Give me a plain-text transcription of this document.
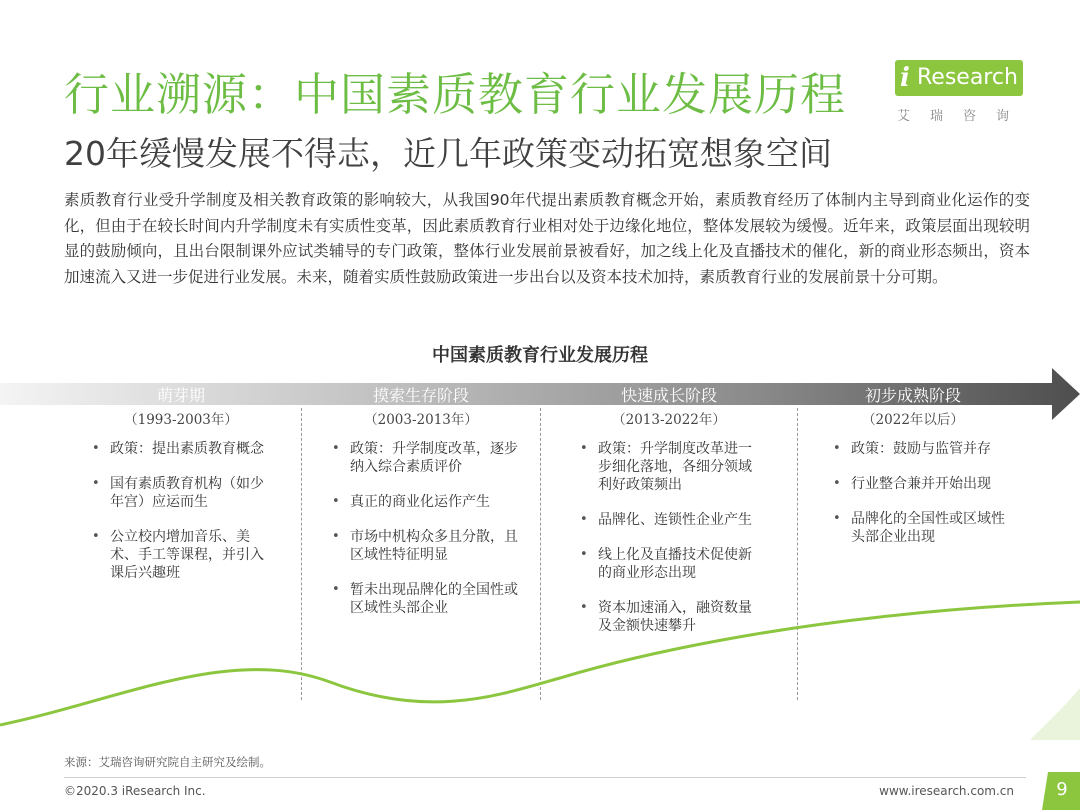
行业溯源：中国素质教育行业发展历程
20年缓慢发展不得志，近几年政策变动拓宽想象空间
i Research
艾瑞咨询

素质教育行业受升学制度及相关教育政策的影响较大，从我国90年代提出素质教育概念开始，素质教育经历了体制内主导到商业化运作的变化，但由于在较长时间内升学制度未有实质性变革，因此素质教育行业相对处于边缘化地位，整体发展较为缓慢。近年来，政策层面出现较明显的鼓励倾向，且出台限制课外应试类辅导的专门政策，整体行业发展前景被看好，加之线上化及直播技术的催化，新的商业形态频出，资本加速流入又进一步促进行业发展。未来，随着实质性鼓励政策进一步出台以及资本技术加持，素质教育行业的发展前景十分可期。

中国素质教育行业发展历程
萌芽期	摸索生存阶段	快速成长阶段	初步成熟阶段
（1993-2003年）	（2003-2013年）	（2013-2022年）	（2022年以后）
• 政策：提出素质教育概念
• 国有素质教育机构（如少年宫）应运而生
• 公立校内增加音乐、美术、手工等课程，并引入课后兴趣班
• 政策：升学制度改革，逐步纳入综合素质评价
• 真正的商业化运作产生
• 市场中机构众多且分散，且区域性特征明显
• 暂未出现品牌化的全国性或区域性头部企业
• 政策：升学制度改革进一步细化落地，各细分领域利好政策频出
• 品牌化、连锁性企业产生
• 线上化及直播技术促使新的商业形态出现
• 资本加速涌入，融资数量及金额快速攀升
• 政策：鼓励与监管并存
• 行业整合兼并开始出现
• 品牌化的全国性或区域性头部企业出现
来源：艾瑞咨询研究院自主研究及绘制。
©2020.3 iResearch Inc.	www.iresearch.com.cn	9
